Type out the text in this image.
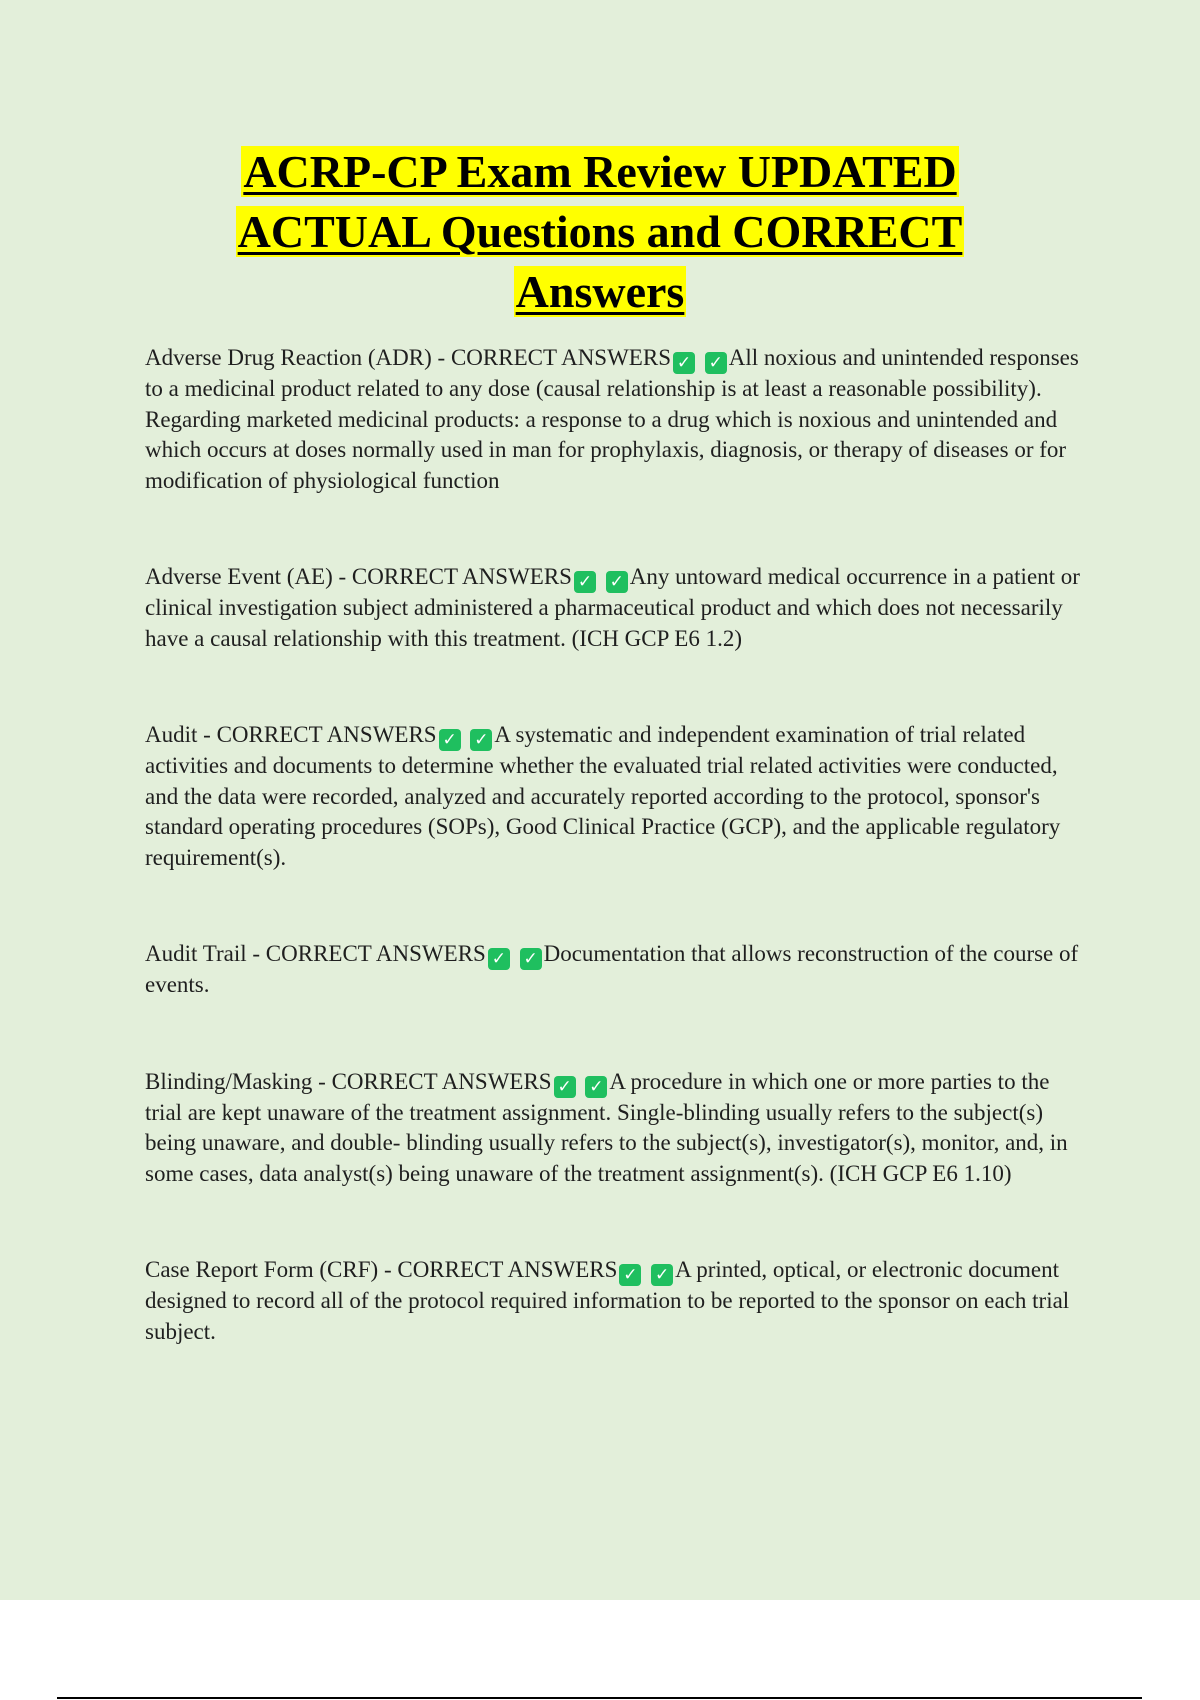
ACRP-CP Exam Review UPDATED
ACTUAL Questions and CORRECT
Answers

Adverse Drug Reaction (ADR) - CORRECT ANSWERS ✓ ✓ All noxious and unintended responses to a medicinal product related to any dose (causal relationship is at least a reasonable possibility). Regarding marketed medicinal products: a response to a drug which is noxious and unintended and which occurs at doses normally used in man for prophylaxis, diagnosis, or therapy of diseases or for modification of physiological function

Adverse Event (AE) - CORRECT ANSWERS ✓ ✓ Any untoward medical occurrence in a patient or clinical investigation subject administered a pharmaceutical product and which does not necessarily have a causal relationship with this treatment. (ICH GCP E6 1.2)

Audit - CORRECT ANSWERS ✓ ✓ A systematic and independent examination of trial related activities and documents to determine whether the evaluated trial related activities were conducted, and the data were recorded, analyzed and accurately reported according to the protocol, sponsor's standard operating procedures (SOPs), Good Clinical Practice (GCP), and the applicable regulatory requirement(s).

Audit Trail - CORRECT ANSWERS ✓ ✓ Documentation that allows reconstruction of the course of events.

Blinding/Masking - CORRECT ANSWERS ✓ ✓ A procedure in which one or more parties to the trial are kept unaware of the treatment assignment. Single-blinding usually refers to the subject(s) being unaware, and double- blinding usually refers to the subject(s), investigator(s), monitor, and, in some cases, data analyst(s) being unaware of the treatment assignment(s). (ICH GCP E6 1.10)

Case Report Form (CRF) - CORRECT ANSWERS ✓ ✓ A printed, optical, or electronic document designed to record all of the protocol required information to be reported to the sponsor on each trial subject.
